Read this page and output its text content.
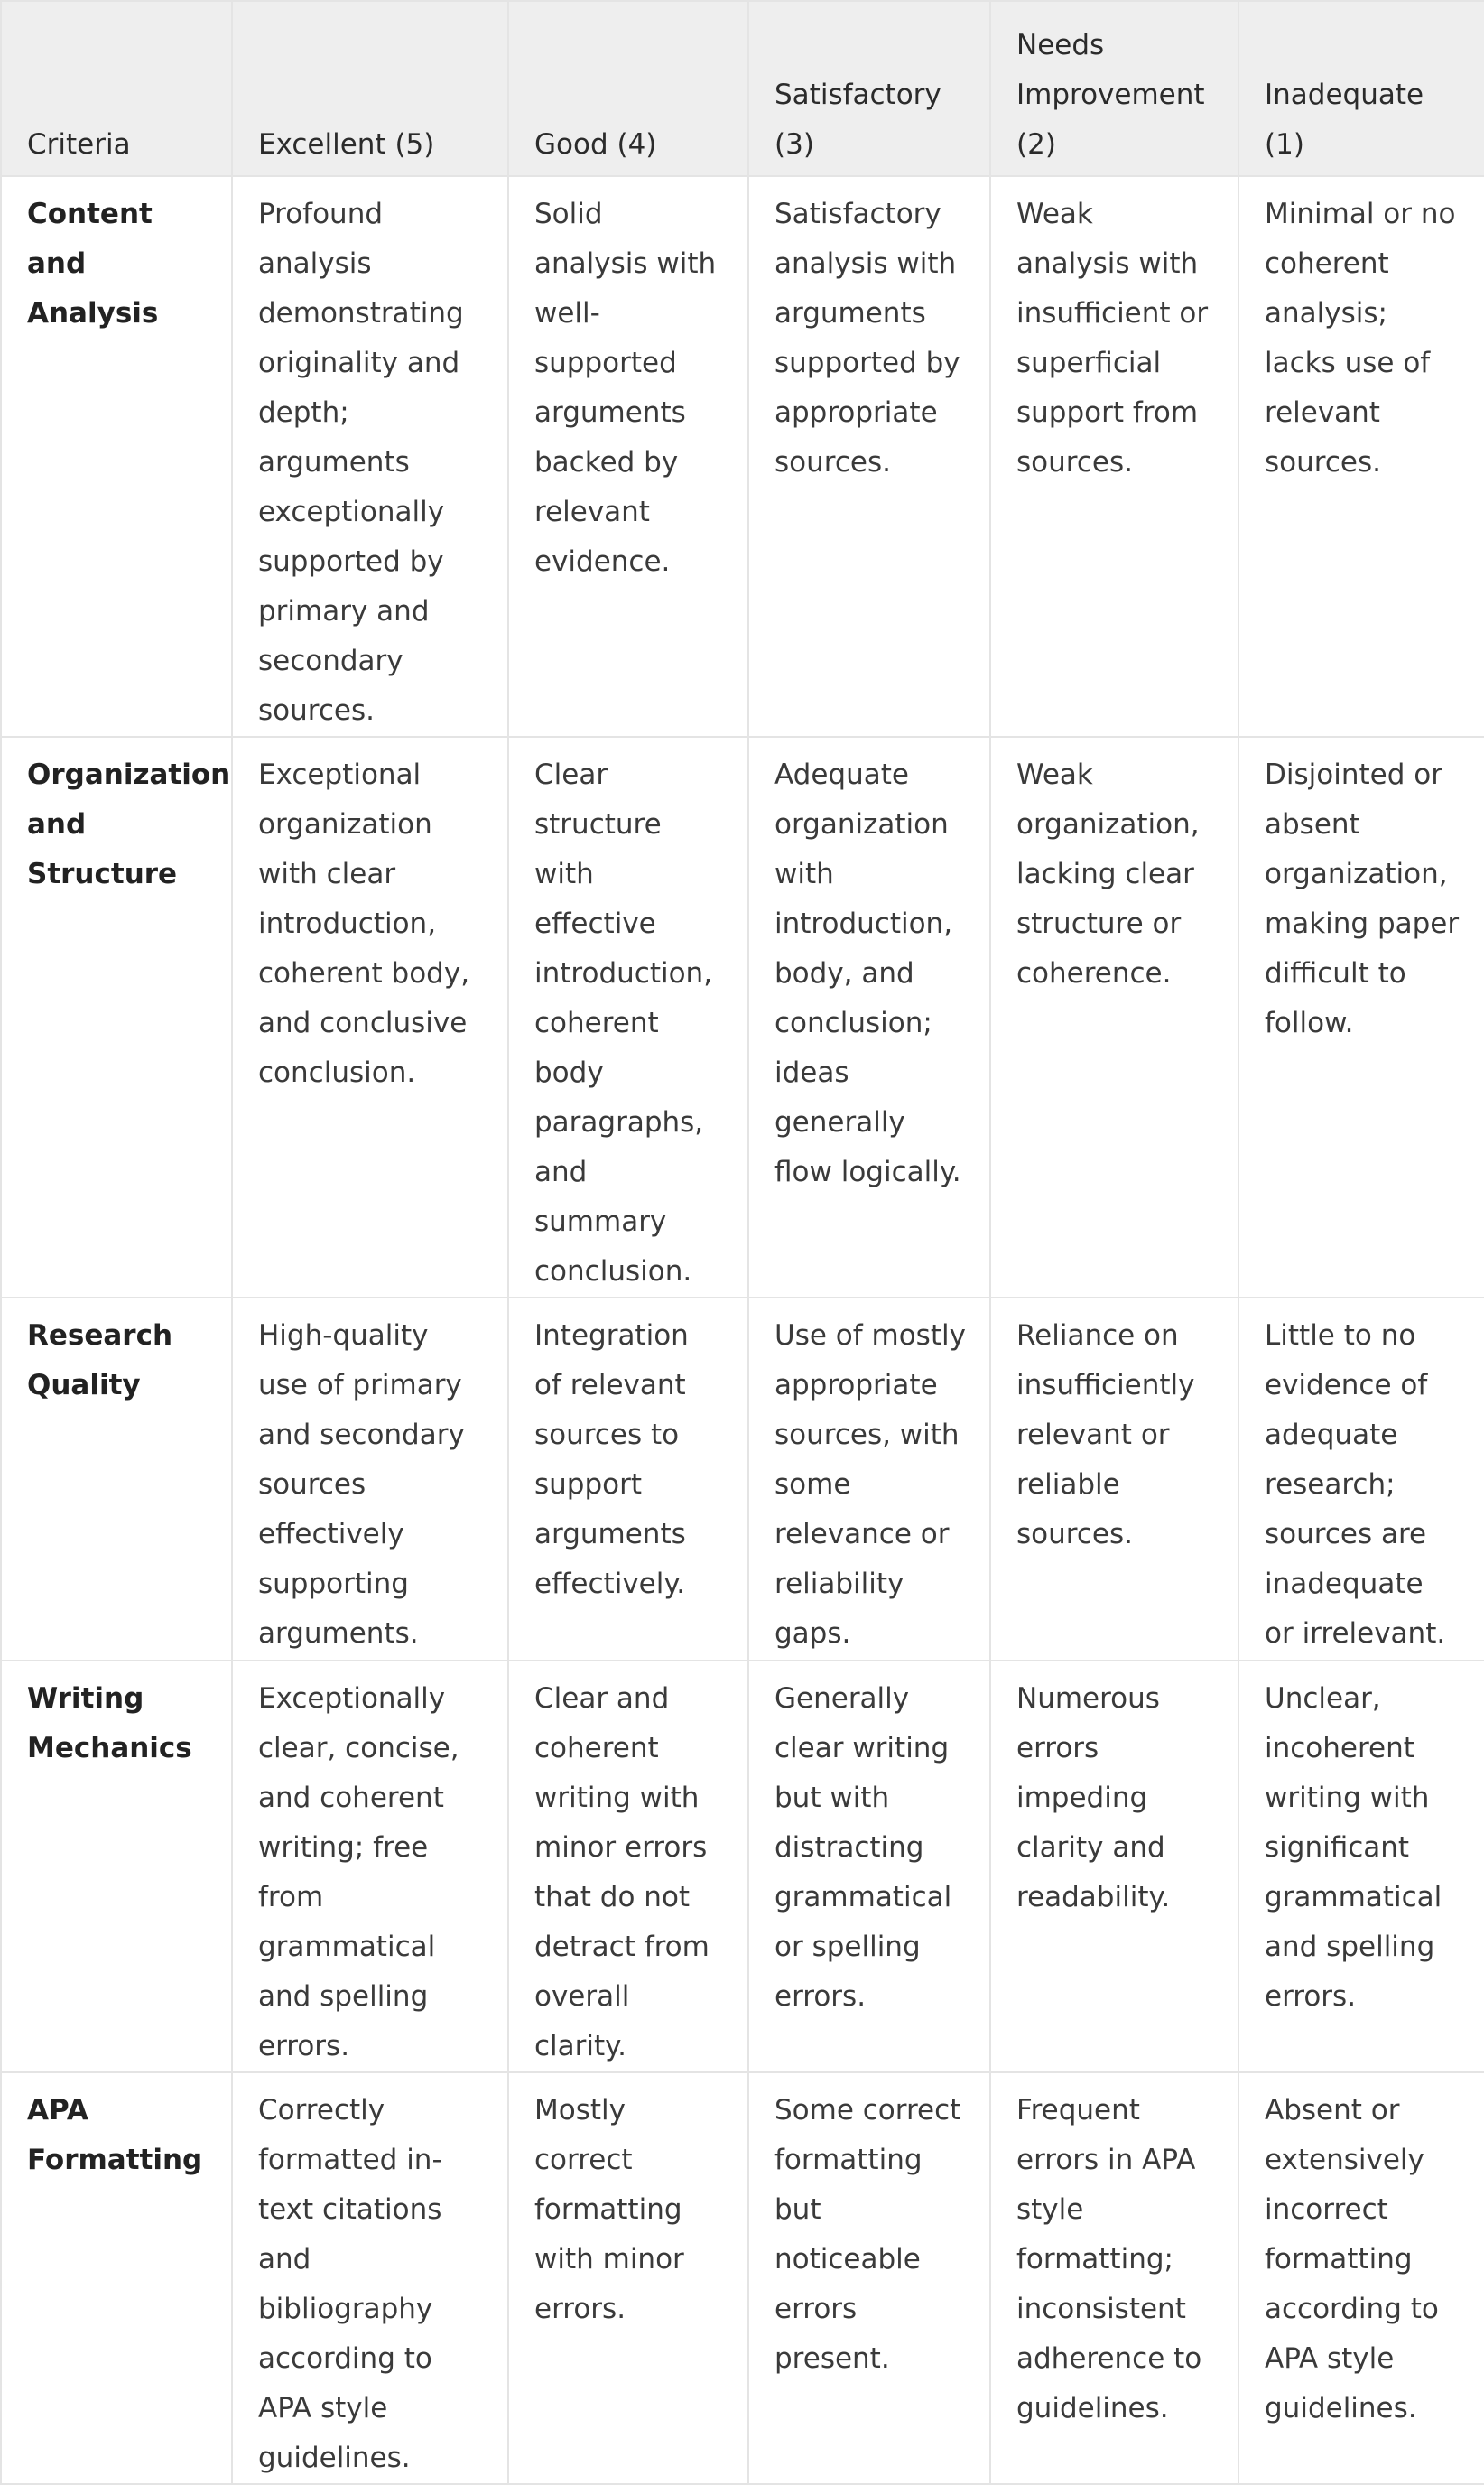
Criteria	Excellent (5)	Good (4)	Satisfactory (3)	Needs Improvement (2)	Inadequate (1)
Content and Analysis	Profound analysis demonstrating originality and depth; arguments exceptionally supported by primary and secondary sources.	Solid analysis with well-supported arguments backed by relevant evidence.	Satisfactory analysis with arguments supported by appropriate sources.	Weak analysis with insufficient or superficial support from sources.	Minimal or no coherent analysis; lacks use of relevant sources.
Organization and Structure	Exceptional organization with clear introduction, coherent body, and conclusive conclusion.	Clear structure with effective introduction, coherent body paragraphs, and summary conclusion.	Adequate organization with introduction, body, and conclusion; ideas generally flow logically.	Weak organization, lacking clear structure or coherence.	Disjointed or absent organization, making paper difficult to follow.
Research Quality	High-quality use of primary and secondary sources effectively supporting arguments.	Integration of relevant sources to support arguments effectively.	Use of mostly appropriate sources, with some relevance or reliability gaps.	Reliance on insufficiently relevant or reliable sources.	Little to no evidence of adequate research; sources are inadequate or irrelevant.
Writing Mechanics	Exceptionally clear, concise, and coherent writing; free from grammatical and spelling errors.	Clear and coherent writing with minor errors that do not detract from overall clarity.	Generally clear writing but with distracting grammatical or spelling errors.	Numerous errors impeding clarity and readability.	Unclear, incoherent writing with significant grammatical and spelling errors.
APA Formatting	Correctly formatted in-text citations and bibliography according to APA style guidelines.	Mostly correct formatting with minor errors.	Some correct formatting but noticeable errors present.	Frequent errors in APA style formatting; inconsistent adherence to guidelines.	Absent or extensively incorrect formatting according to APA style guidelines.
